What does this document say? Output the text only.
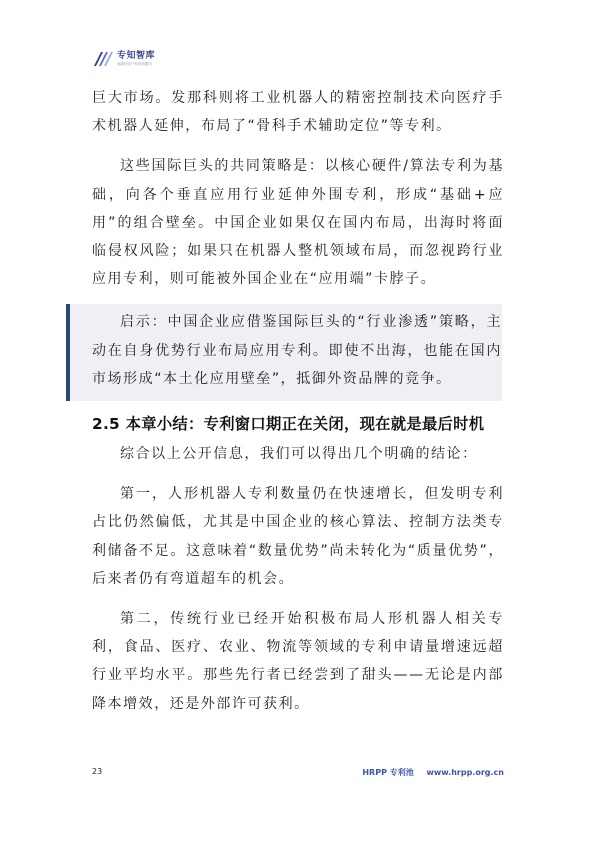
专知智库
高端知识产权咨询服务

巨大市场。发那科则将工业机器人的精密控制技术向医疗手术机器人延伸，布局了“骨科手术辅助定位”等专利。

这些国际巨头的共同策略是：以核心硬件/算法专利为基础，向各个垂直应用行业延伸外围专利，形成“基础+应用”的组合壁垒。中国企业如果仅在国内布局，出海时将面临侵权风险；如果只在机器人整机领域布局，而忽视跨行业应用专利，则可能被外国企业在“应用端”卡脖子。

启示：中国企业应借鉴国际巨头的“行业渗透”策略，主动在自身优势行业布局应用专利。即使不出海，也能在国内市场形成“本土化应用壁垒”，抵御外资品牌的竞争。

2.5 本章小结：专利窗口期正在关闭，现在就是最后时机

综合以上公开信息，我们可以得出几个明确的结论：

第一，人形机器人专利数量仍在快速增长，但发明专利占比仍然偏低，尤其是中国企业的核心算法、控制方法类专利储备不足。这意味着“数量优势”尚未转化为“质量优势”，后来者仍有弯道超车的机会。

第二，传统行业已经开始积极布局人形机器人相关专利，食品、医疗、农业、物流等领域的专利申请量增速远超行业平均水平。那些先行者已经尝到了甜头——无论是内部降本增效，还是外部许可获利。

23	HRPP 专利池 www.hrpp.org.cn
